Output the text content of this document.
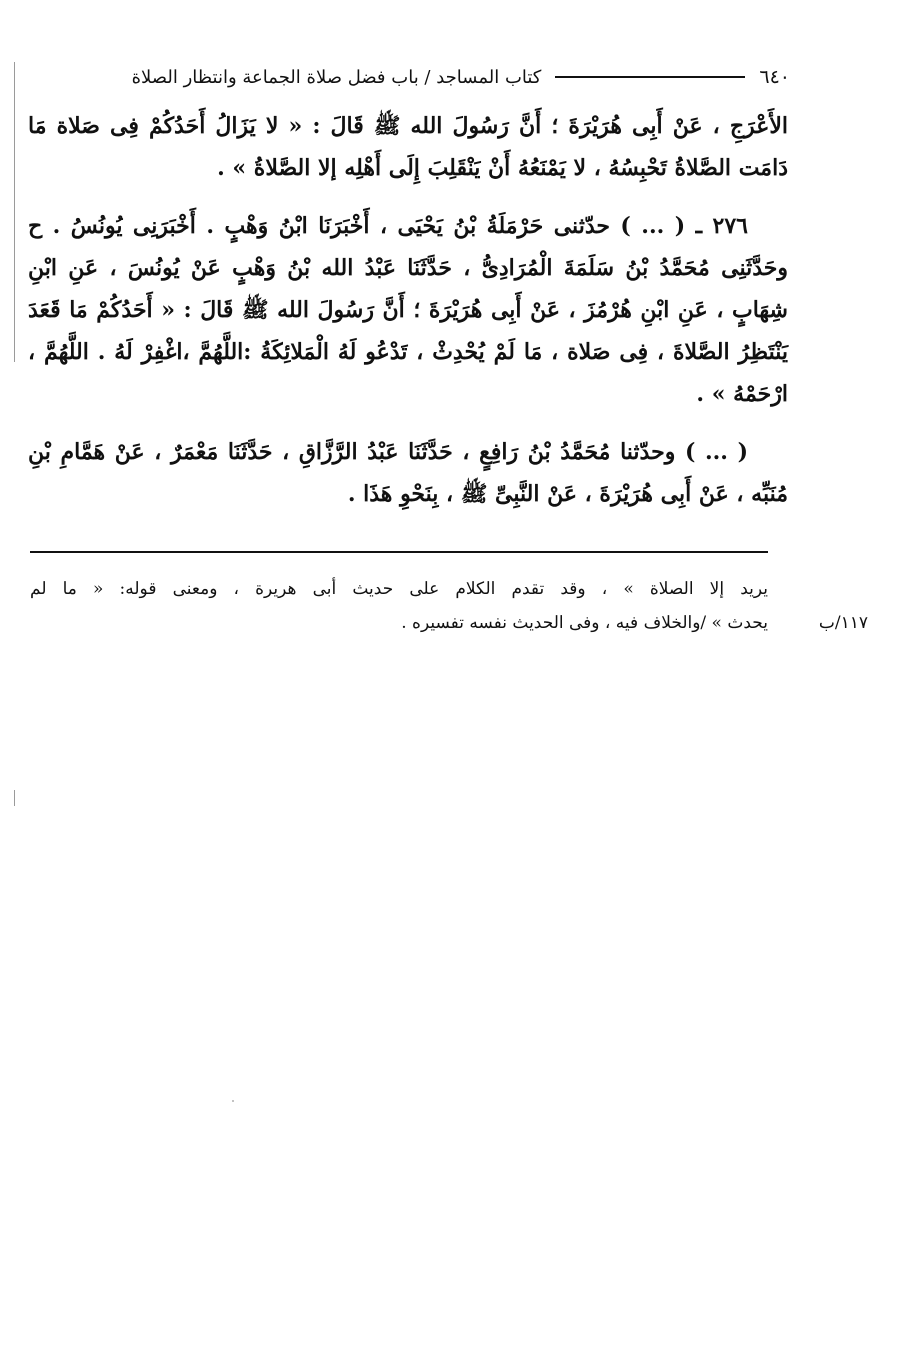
٦٤٠
كتاب المساجد / باب فضل صلاة الجماعة وانتظار الصلاة

الأَعْرَجِ ، عَنْ أَبِى هُرَيْرَةَ ؛ أَنَّ رَسُولَ الله ﷺ قَالَ : « لا يَزَالُ أَحَدُكُمْ فِى صَلاة مَا دَامَت الصَّلاةُ تَحْبِسُهُ ، لا يَمْنَعُهُ أَنْ يَنْقَلِبَ إِلَى أَهْلِه إلا الصَّلاةُ » .

٢٧٦ ـ ( ... ) حدّثنى حَرْمَلَةُ بْنُ يَحْيَى ، أَخْبَرَنَا ابْنُ وَهْبٍ . أَخْبَرَنِى يُونُسُ . ح وحَدَّثَنِى مُحَمَّدُ بْنُ سَلَمَةَ الْمُرَادِىُّ ، حَدَّثَنَا عَبْدُ الله بْنُ وَهْبٍ عَنْ يُونُسَ ، عَنِ ابْنِ شِهَابٍ ، عَنِ ابْنِ هُرْمُزَ ، عَنْ أَبِى هُرَيْرَةَ ؛ أَنَّ رَسُولَ الله ﷺ قَالَ : « أَحَدُكُمْ مَا قَعَدَ يَنْتَظِرُ الصَّلاةَ ، فِى صَلاة ، مَا لَمْ يُحْدِثْ ، تَدْعُو لَهُ الْمَلائِكَةُ :اللَّهُمَّ ،اغْفِرْ لَهُ . اللَّهُمَّ ، ارْحَمْهُ » .

( ... ) وحدّثنا مُحَمَّدُ بْنُ رَافِعٍ ، حَدَّثَنَا عَبْدُ الرَّزَّاقِ ، حَدَّثَنَا مَعْمَرٌ ، عَنْ هَمَّامِ بْنِ مُنَبِّه ، عَنْ أَبِى هُرَيْرَةَ ، عَنْ النَّبِىِّ ﷺ ، بِنَحْوِ هَذَا .

يريد إلا الصلاة » ، وقد تقدم الكلام على حديث أبى هريرة ، ومعنى قوله: « ما لم
١١٧/ب
يحدث » /والخلاف فيه ، وفى الحديث نفسه تفسيره .
